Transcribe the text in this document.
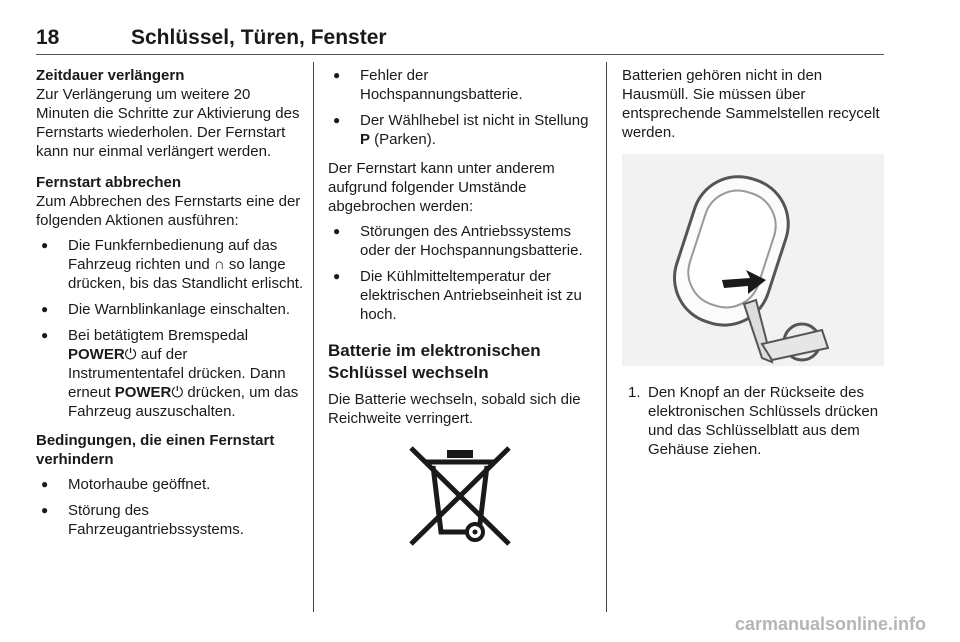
18	Schlüssel, Türen, Fenster
Zeitdauer verlängern
Zur Verlängerung um weitere 20 Minuten die Schritte zur Aktivierung des Fernstarts wiederholen. Der Fernstart kann nur einmal verlängert werden.
Fernstart abbrechen
Zum Abbrechen des Fernstarts eine der folgenden Aktionen ausführen:
● Die Funkfernbedienung auf das Fahrzeug richten und ∩ so lange drücken, bis das Standlicht erlischt.
● Die Warnblinkanlage einschalten.
● Bei betätigtem Bremspedal POWER⏻ auf der Instrumententafel drücken. Dann erneut POWER⏻ drücken, um das Fahrzeug auszuschalten.
Bedingungen, die einen Fernstart verhindern
● Motorhaube geöffnet.
● Störung des Fahrzeugantriebssystems.
● Fehler der Hochspannungsbatterie.
● Der Wählhebel ist nicht in Stellung P (Parken).
Der Fernstart kann unter anderem aufgrund folgender Umstände abgebrochen werden:
● Störungen des Antriebssystems oder der Hochspannungsbatterie.
● Die Kühlmitteltemperatur der elektrischen Antriebseinheit ist zu hoch.
Batterie im elektronischen Schlüssel wechseln
Die Batterie wechseln, sobald sich die Reichweite verringert.
Batterien gehören nicht in den Hausmüll. Sie müssen über entsprechende Sammelstellen recycelt werden.
1. Den Knopf an der Rückseite des elektronischen Schlüssels drücken und das Schlüsselblatt aus dem Gehäuse ziehen.
carmanualsonline.info
